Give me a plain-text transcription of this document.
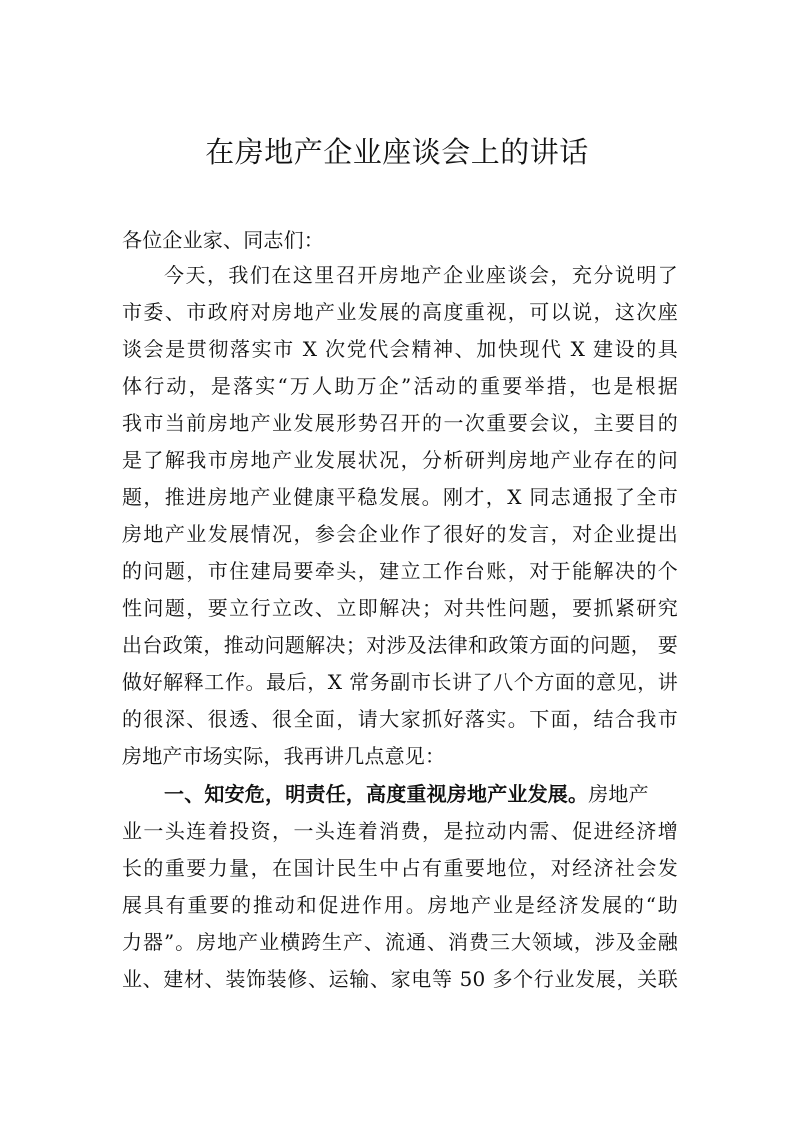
在房地产企业座谈会上的讲话
各位企业家、同志们：
今天，我们在这里召开房地产企业座谈会，充分说明了
市委、市政府对房地产业发展的高度重视，可以说，这次座
谈会是贯彻落实市 X 次党代会精神、加快现代 X 建设的具
体行动，是落实“万人助万企”活动的重要举措，也是根据
我市当前房地产业发展形势召开的一次重要会议，主要目的
是了解我市房地产业发展状况，分析研判房地产业存在的问
题，推进房地产业健康平稳发展。刚才，X 同志通报了全市
房地产业发展情况，参会企业作了很好的发言，对企业提出
的问题，市住建局要牵头，建立工作台账，对于能解决的个
性问题，要立行立改、立即解决；对共性问题，要抓紧研究
出台政策，推动问题解决；对涉及法律和政策方面的问题， 要
做好解释工作。最后，X 常务副市长讲了八个方面的意见，讲
的很深、很透、很全面，请大家抓好落实。下面，结合我市
房地产市场实际，我再讲几点意见：
一、知安危，明责任，高度重视房地产业发展。房地产
业一头连着投资，一头连着消费，是拉动内需、促进经济增
长的重要力量，在国计民生中占有重要地位，对经济社会发
展具有重要的推动和促进作用。房地产业是经济发展的“助
力器”。房地产业横跨生产、流通、消费三大领域，涉及金融
业、建材、装饰装修、运输、家电等 50 多个行业发展，关联
